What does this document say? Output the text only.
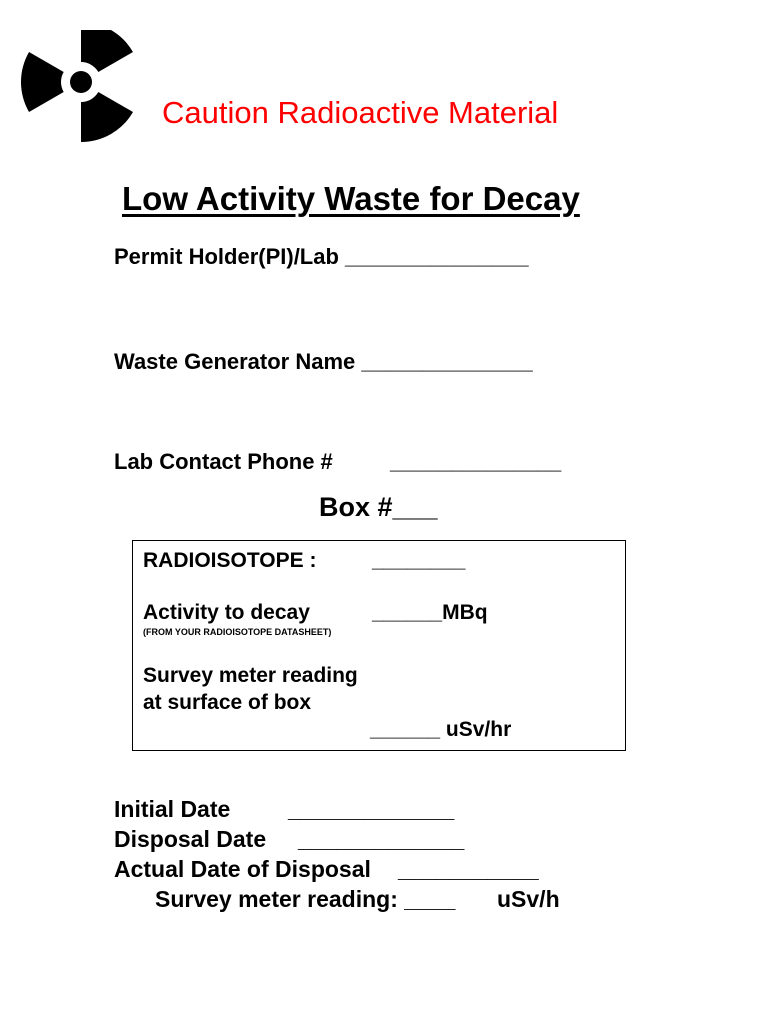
Caution Radioactive Material
Low Activity Waste for Decay
Permit Holder(PI)/Lab _______________
Waste Generator Name ______________
Lab Contact Phone #	______________
Box #___
RADIOISOTOPE :	________
Activity to decay	______MBq
(FROM YOUR RADIOISOTOPE DATASHEET)
Survey meter reading
at surface of box
______ uSv/hr
Initial Date	_____________
Disposal Date _____________
Actual Date of Disposal ___________
Survey meter reading: ____ uSv/h
